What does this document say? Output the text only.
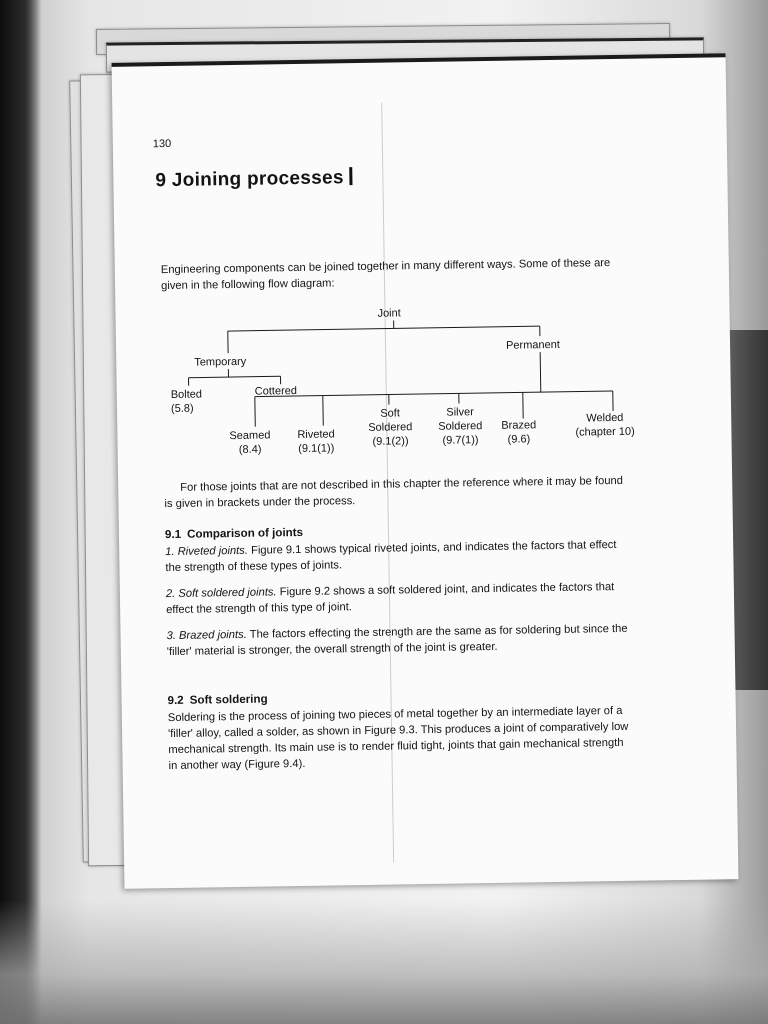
130
9 Joining processes
Engineering components can be joined together in many different ways. Some of these are given in the following flow diagram:
Joint
Temporary
Permanent
Bolted
(5.8)
Cottered
Seamed
(8.4)
Riveted
(9.1(1))
Soft Soldered
(9.1(2))
Silver Soldered
(9.7(1))
Brazed
(9.6)
Welded
(chapter 10)
For those joints that are not described in this chapter the reference where it may be found is given in brackets under the process.
9.1 Comparison of joints
1. Riveted joints. Figure 9.1 shows typical riveted joints, and indicates the factors that effect the strength of these types of joints.
2. Soft soldered joints. Figure 9.2 shows a soft soldered joint, and indicates the factors that effect the strength of this type of joint.
3. Brazed joints. The factors effecting the strength are the same as for soldering but since the 'filler' material is stronger, the overall strength of the joint is greater.
9.2 Soft soldering
Soldering is the process of joining two pieces of metal together by an intermediate layer of a 'filler' alloy, called a solder, as shown in Figure 9.3. This produces a joint of comparatively low mechanical strength. Its main use is to render fluid tight, joints that gain mechanical strength in another way (Figure 9.4).
